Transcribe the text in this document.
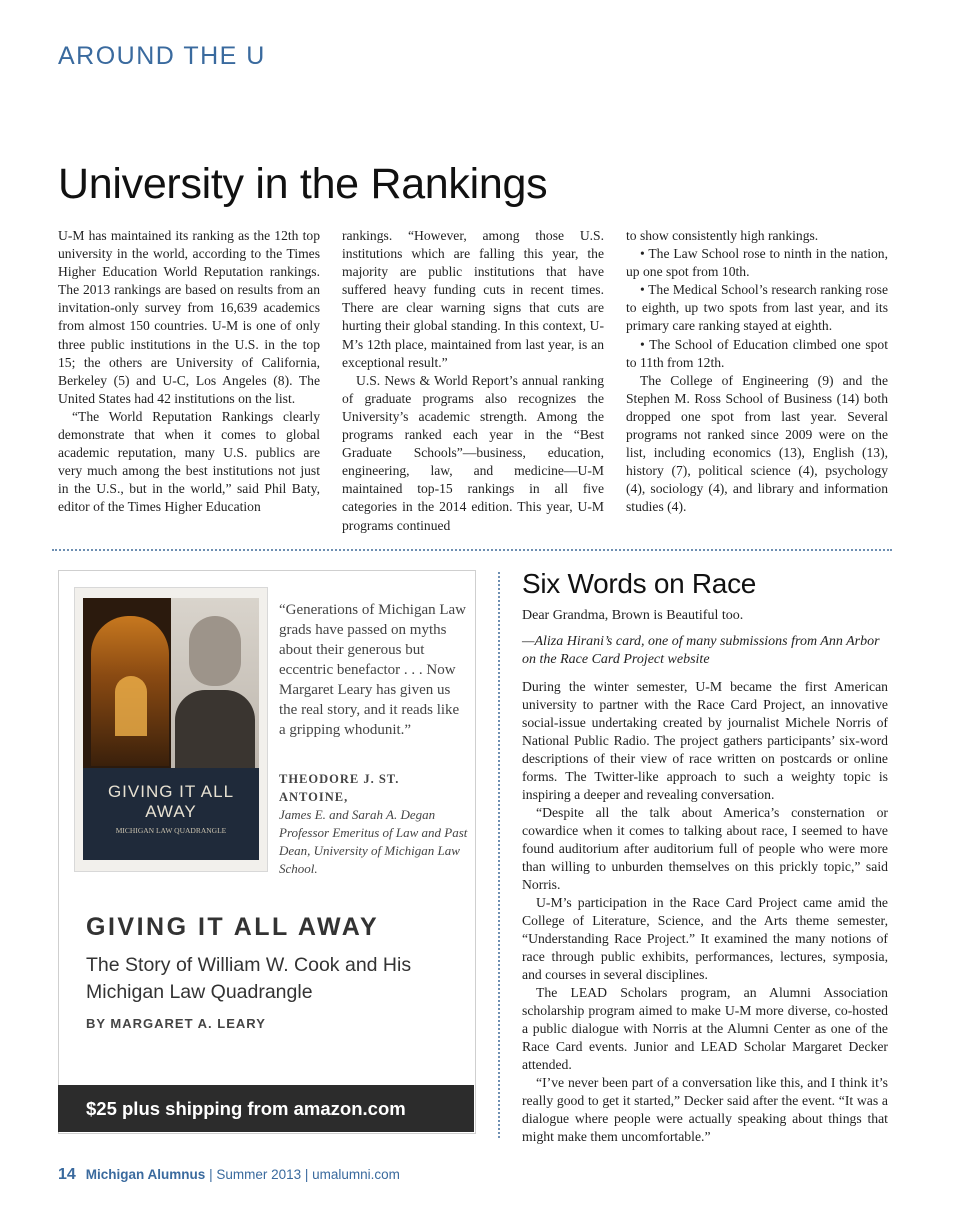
AROUND THE U
University in the Rankings

U-M has maintained its ranking as the 12th top university in the world, according to the Times Higher Education World Reputation rankings. The 2013 rankings are based on results from an invitation-only survey from 16,639 academics from almost 150 countries. U-M is one of only three public institutions in the U.S. in the top 15; the others are University of California, Berkeley (5) and U-C, Los Angeles (8). The United States had 42 institutions on the list.

“The World Reputation Rankings clearly demonstrate that when it comes to global academic reputation, many U.S. publics are very much among the best institutions not just in the U.S., but in the world,” said Phil Baty, editor of the Times Higher Education

rankings. “However, among those U.S. institutions which are falling this year, the majority are public institutions that have suffered heavy funding cuts in recent times. There are clear warning signs that cuts are hurting their global standing. In this context, U-M’s 12th place, maintained from last year, is an exceptional result.”

U.S. News & World Report’s annual ranking of graduate programs also recognizes the University’s academic strength. Among the programs ranked each year in the “Best Graduate Schools”—business, education, engineering, law, and medicine—U-M maintained top-15 rankings in all five categories in the 2014 edition. This year, U-M programs continued

to show consistently high rankings.

• The Law School rose to ninth in the nation, up one spot from 10th.

• The Medical School’s research ranking rose to eighth, up two spots from last year, and its primary care ranking stayed at eighth.

• The School of Education climbed one spot to 11th from 12th.

The College of Engineering (9) and the Stephen M. Ross School of Business (14) both dropped one spot from last year. Several programs not ranked since 2009 were on the list, including economics (13), English (13), history (7), political science (4), psychology (4), sociology (4), and library and information studies (4).

GIVING IT ALL AWAY
MICHIGAN LAW QUADRANGLE
“Generations of Michigan Law grads have passed on myths about their generous but eccentric benefactor . . . Now Margaret Leary has given us the real story, and it reads like a gripping whodunit.”
THEODORE J. ST. ANTOINE,
James E. and Sarah A. Degan Professor Emeritus of Law and Past Dean, University of Michigan Law School.
GIVING IT ALL AWAY
The Story of William W. Cook and His Michigan Law Quadrangle
BY MARGARET A. LEARY
$25 plus shipping from amazon.com
Six Words on Race

Dear Grandma, Brown is Beautiful too.

—Aliza Hirani’s card, one of many submissions from Ann Arbor on the Race Card Project website

During the winter semester, U-M became the first American university to partner with the Race Card Project, an innovative social-issue undertaking created by journalist Michele Norris of National Public Radio. The project gathers participants’ six-word descriptions of their view of race written on postcards or online forms. The Twitter-like approach to such a weighty topic is inspiring a deeper and revealing conversation.

“Despite all the talk about America’s consternation or cowardice when it comes to talking about race, I seemed to have found auditorium after auditorium full of people who were more than willing to unburden themselves on this prickly topic,” said Norris.

U-M’s participation in the Race Card Project came amid the College of Literature, Science, and the Arts theme semester, “Understanding Race Project.” It examined the many notions of race through public exhibits, performances, lectures, symposia, and courses in several disciplines.

The LEAD Scholars program, an Alumni Association scholarship program aimed to make U-M more diverse, co-hosted a public dialogue with Norris at the Alumni Center as one of the Race Card events. Junior and LEAD Scholar Margaret Decker attended.

“I’ve never been part of a conversation like this, and I think it’s really good to get it started,” Decker said after the event. “It was a dialogue where people were actually speaking about things that might make them uncomfortable.”

14 Michigan Alumnus | Summer 2013 | umalumni.com
